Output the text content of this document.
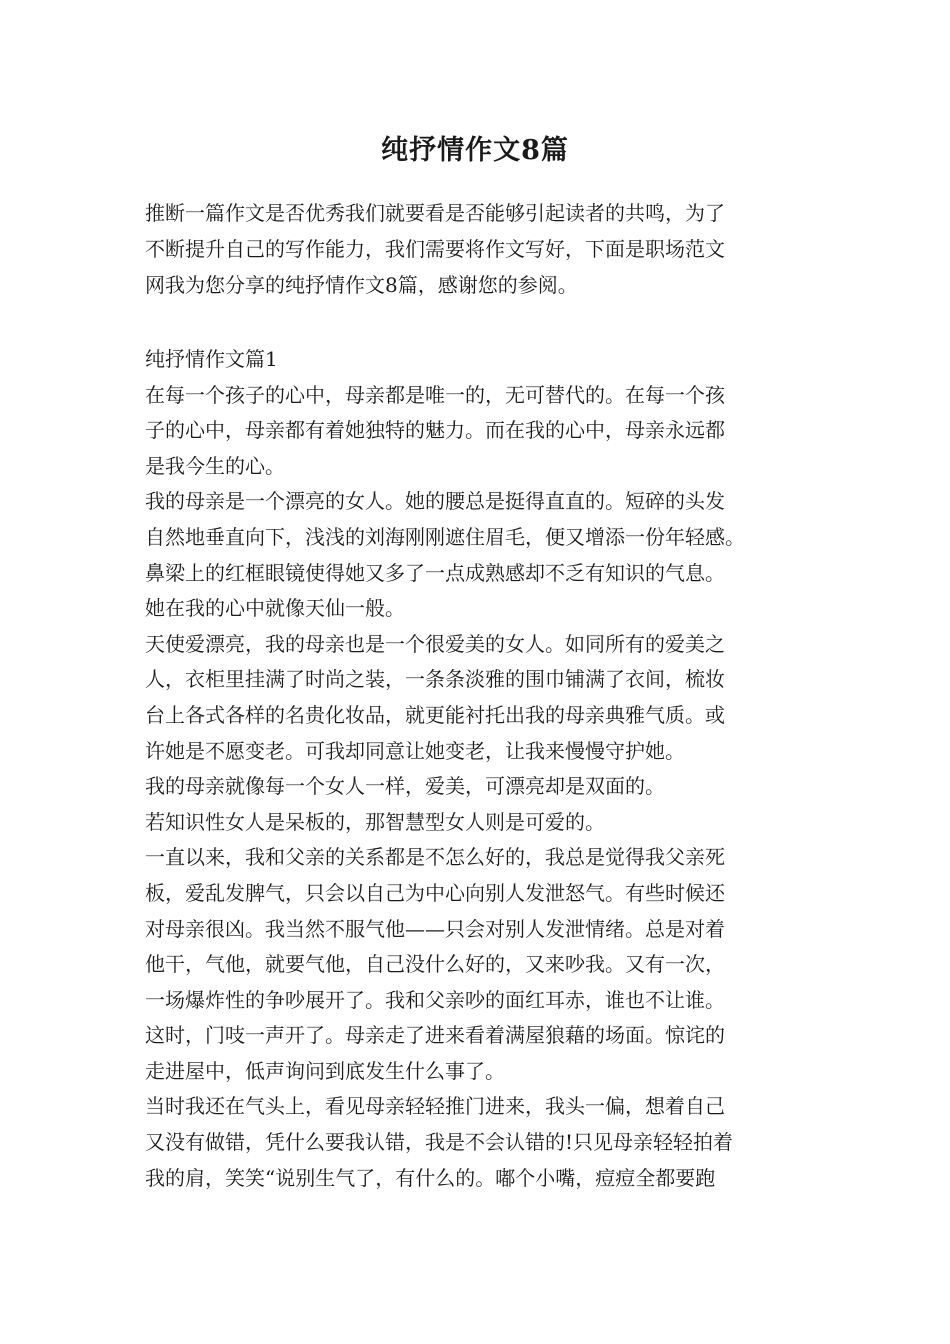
纯抒情作文8篇
推断一篇作文是否优秀我们就要看是否能够引起读者的共鸣，为了
不断提升自己的写作能力，我们需要将作文写好，下面是职场范文
网我为您分享的纯抒情作文8篇，感谢您的参阅。
纯抒情作文篇1
在每一个孩子的心中，母亲都是唯一的，无可替代的。在每一个孩
子的心中，母亲都有着她独特的魅力。而在我的心中，母亲永远都
是我今生的心。
我的母亲是一个漂亮的女人。她的腰总是挺得直直的。短碎的头发
自然地垂直向下，浅浅的刘海刚刚遮住眉毛，便又增添一份年轻感。
鼻梁上的红框眼镜使得她又多了一点成熟感却不乏有知识的气息。
她在我的心中就像天仙一般。
天使爱漂亮，我的母亲也是一个很爱美的女人。如同所有的爱美之
人，衣柜里挂满了时尚之装，一条条淡雅的围巾铺满了衣间，梳妆
台上各式各样的名贵化妆品，就更能衬托出我的母亲典雅气质。或
许她是不愿变老。可我却同意让她变老，让我来慢慢守护她。
我的母亲就像每一个女人一样，爱美，可漂亮却是双面的。
若知识性女人是呆板的，那智慧型女人则是可爱的。
一直以来，我和父亲的关系都是不怎么好的，我总是觉得我父亲死
板，爱乱发脾气，只会以自己为中心向别人发泄怒气。有些时候还
对母亲很凶。我当然不服气他——只会对别人发泄情绪。总是对着
他干，气他，就要气他，自己没什么好的，又来吵我。又有一次，
一场爆炸性的争吵展开了。我和父亲吵的面红耳赤，谁也不让谁。
这时，门吱一声开了。母亲走了进来看着满屋狼藉的场面。惊诧的
走进屋中，低声询问到底发生什么事了。
当时我还在气头上，看见母亲轻轻推门进来，我头一偏，想着自己
又没有做错，凭什么要我认错，我是不会认错的!只见母亲轻轻拍着
我的肩，笑笑“说别生气了，有什么的。嘟个小嘴，痘痘全都要跑
